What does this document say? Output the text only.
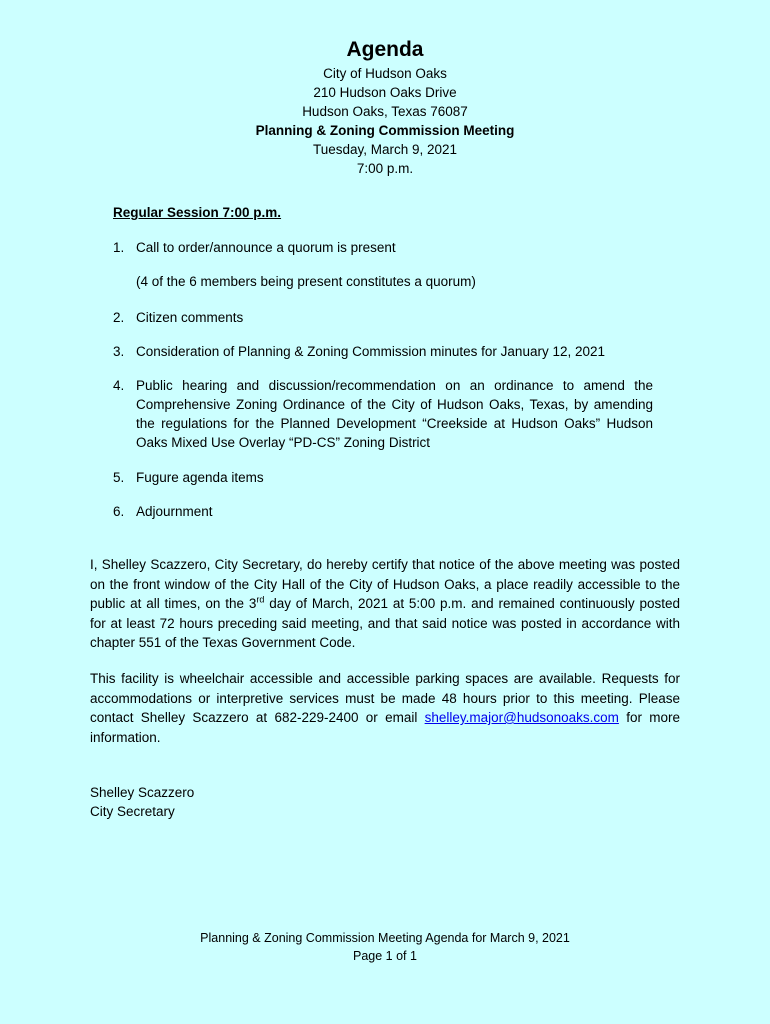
Agenda
City of Hudson Oaks
210 Hudson Oaks Drive
Hudson Oaks, Texas 76087
Planning & Zoning Commission Meeting
Tuesday, March 9, 2021
7:00 p.m.
Regular Session 7:00 p.m.
1. Call to order/announce a quorum is present
(4 of the 6 members being present constitutes a quorum)
2. Citizen comments
3. Consideration of Planning & Zoning Commission minutes for January 12, 2021
4. Public hearing and discussion/recommendation on an ordinance to amend the Comprehensive Zoning Ordinance of the City of Hudson Oaks, Texas, by amending the regulations for the Planned Development “Creekside at Hudson Oaks” Hudson Oaks Mixed Use Overlay “PD-CS” Zoning District
5. Fugure agenda items
6. Adjournment
I, Shelley Scazzero, City Secretary, do hereby certify that notice of the above meeting was posted on the front window of the City Hall of the City of Hudson Oaks, a place readily accessible to the public at all times, on the 3rd day of March, 2021 at 5:00 p.m. and remained continuously posted for at least 72 hours preceding said meeting, and that said notice was posted in accordance with chapter 551 of the Texas Government Code.
This facility is wheelchair accessible and accessible parking spaces are available. Requests for accommodations or interpretive services must be made 48 hours prior to this meeting. Please contact Shelley Scazzero at 682-229-2400 or email shelley.major@hudsonoaks.com for more information.
Shelley Scazzero
City Secretary
Planning & Zoning Commission Meeting Agenda for March 9, 2021
Page 1 of 1
